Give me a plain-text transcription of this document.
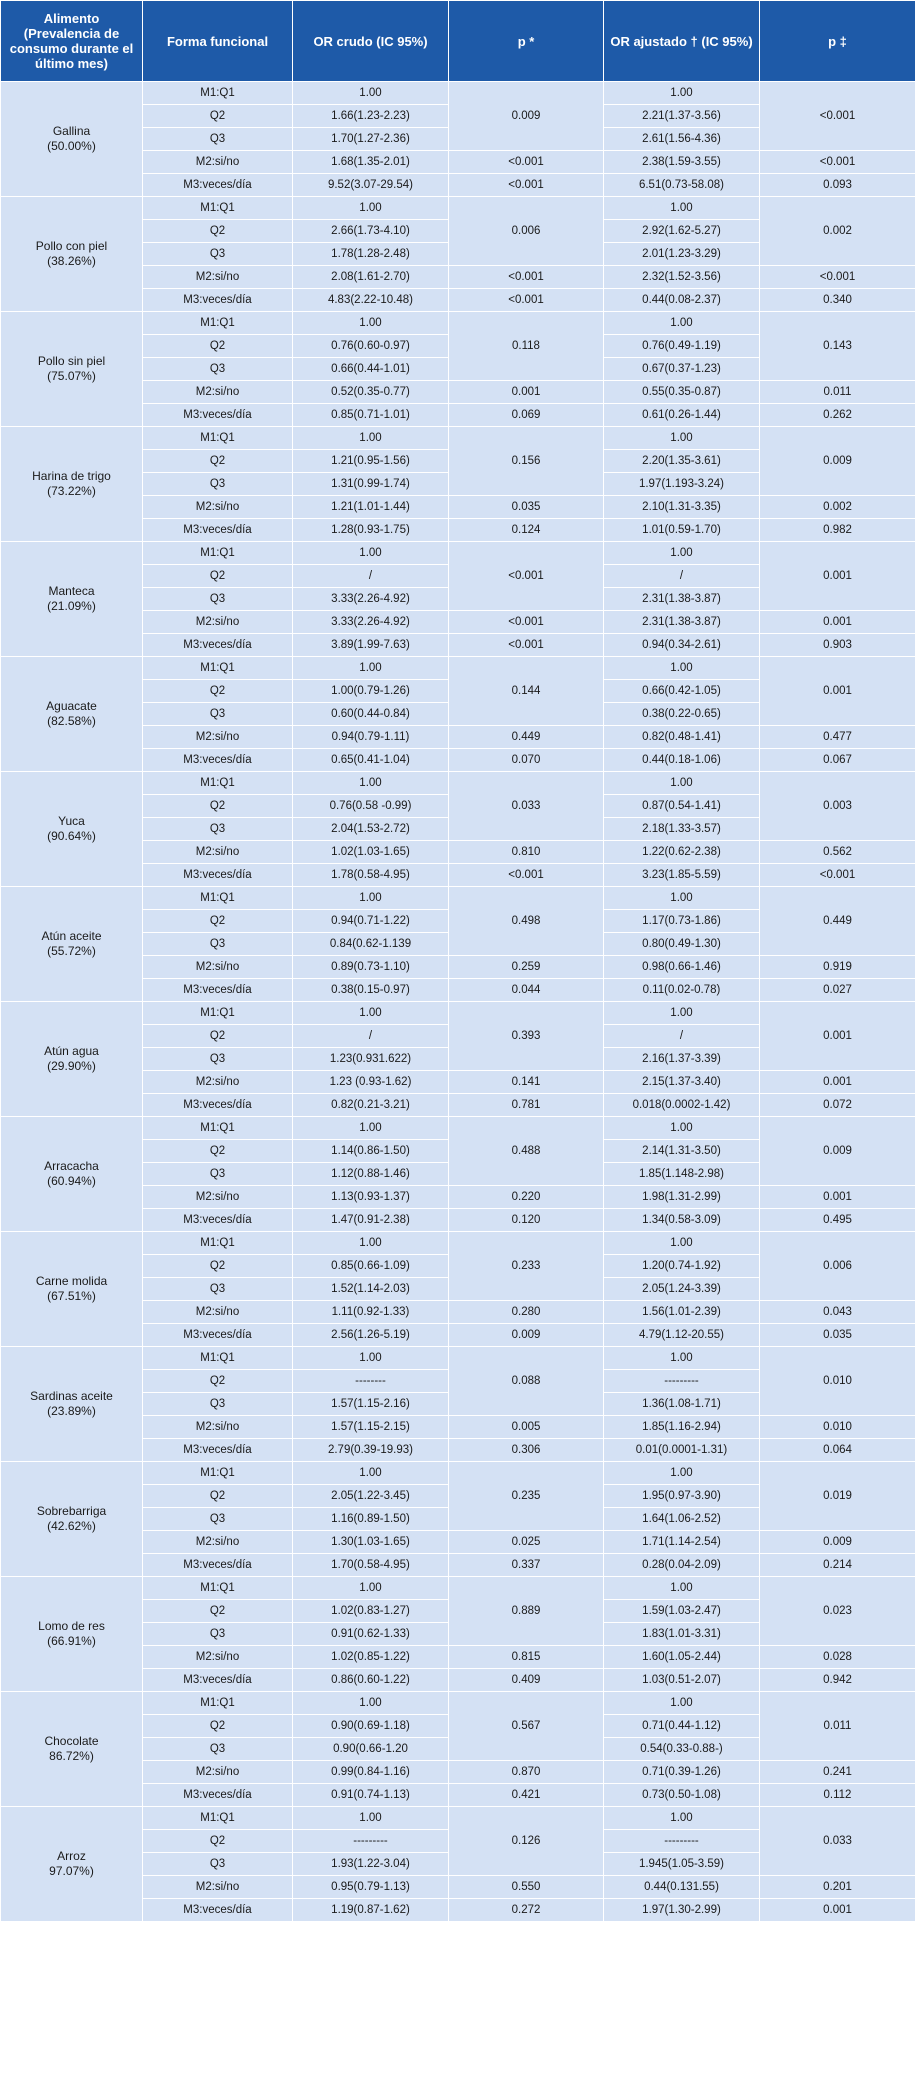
Alimento (Prevalencia de consumo durante el último mes)	Forma funcional	OR crudo (IC 95%)	p *	OR ajustado † (IC 95%)	p ‡

Gallina
(50.00%)	M1:Q1	1.00	0.009	1.00	<0.001
	Q2	1.66(1.23-2.23)		2.21(1.37-3.56)	
	Q3	1.70(1.27-2.36)		2.61(1.56-4.36)	
	M2:si/no	1.68(1.35-2.01)	<0.001	2.38(1.59-3.55)	<0.001
	M3:veces/día	9.52(3.07-29.54)	<0.001	6.51(0.73-58.08)	0.093

Pollo con piel
(38.26%)	M1:Q1	1.00	0.006	1.00	0.002
	Q2	2.66(1.73-4.10)		2.92(1.62-5.27)	
	Q3	1.78(1.28-2.48)		2.01(1.23-3.29)	
	M2:si/no	2.08(1.61-2.70)	<0.001	2.32(1.52-3.56)	<0.001
	M3:veces/día	4.83(2.22-10.48)	<0.001	0.44(0.08-2.37)	0.340

Pollo sin piel
(75.07%)	M1:Q1	1.00	0.118	1.00	0.143
	Q2	0.76(0.60-0.97)		0.76(0.49-1.19)	
	Q3	0.66(0.44-1.01)		0.67(0.37-1.23)	
	M2:si/no	0.52(0.35-0.77)	0.001	0.55(0.35-0.87)	0.011
	M3:veces/día	0.85(0.71-1.01)	0.069	0.61(0.26-1.44)	0.262

Harina de trigo
(73.22%)	M1:Q1	1.00	0.156	1.00	0.009
	Q2	1.21(0.95-1.56)		2.20(1.35-3.61)	
	Q3	1.31(0.99-1.74)		1.97(1.193-3.24)	
	M2:si/no	1.21(1.01-1.44)	0.035	2.10(1.31-3.35)	0.002
	M3:veces/día	1.28(0.93-1.75)	0.124	1.01(0.59-1.70)	0.982

Manteca
(21.09%)	M1:Q1	1.00	<0.001	1.00	0.001
	Q2	/		/	
	Q3	3.33(2.26-4.92)		2.31(1.38-3.87)	
	M2:si/no	3.33(2.26-4.92)	<0.001	2.31(1.38-3.87)	0.001
	M3:veces/día	3.89(1.99-7.63)	<0.001	0.94(0.34-2.61)	0.903

Aguacate
(82.58%)	M1:Q1	1.00	0.144	1.00	0.001
	Q2	1.00(0.79-1.26)		0.66(0.42-1.05)	
	Q3	0.60(0.44-0.84)		0.38(0.22-0.65)	
	M2:si/no	0.94(0.79-1.11)	0.449	0.82(0.48-1.41)	0.477
	M3:veces/día	0.65(0.41-1.04)	0.070	0.44(0.18-1.06)	0.067

Yuca
(90.64%)	M1:Q1	1.00	0.033	1.00	0.003
	Q2	0.76(0.58 -0.99)		0.87(0.54-1.41)	
	Q3	2.04(1.53-2.72)		2.18(1.33-3.57)	
	M2:si/no	1.02(1.03-1.65)	0.810	1.22(0.62-2.38)	0.562
	M3:veces/día	1.78(0.58-4.95)	<0.001	3.23(1.85-5.59)	<0.001

Atún aceite
(55.72%)	M1:Q1	1.00	0.498	1.00	0.449
	Q2	0.94(0.71-1.22)		1.17(0.73-1.86)	
	Q3	0.84(0.62-1.139		0.80(0.49-1.30)	
	M2:si/no	0.89(0.73-1.10)	0.259	0.98(0.66-1.46)	0.919
	M3:veces/día	0.38(0.15-0.97)	0.044	0.11(0.02-0.78)	0.027

Atún agua
(29.90%)	M1:Q1	1.00	0.393	1.00	0.001
	Q2	/		/	
	Q3	1.23(0.931.622)		2.16(1.37-3.39)	
	M2:si/no	1.23 (0.93-1.62)	0.141	2.15(1.37-3.40)	0.001
	M3:veces/día	0.82(0.21-3.21)	0.781	0.018(0.0002-1.42)	0.072

Arracacha
(60.94%)	M1:Q1	1.00	0.488	1.00	0.009
	Q2	1.14(0.86-1.50)		2.14(1.31-3.50)	
	Q3	1.12(0.88-1.46)		1.85(1.148-2.98)	
	M2:si/no	1.13(0.93-1.37)	0.220	1.98(1.31-2.99)	0.001
	M3:veces/día	1.47(0.91-2.38)	0.120	1.34(0.58-3.09)	0.495

Carne molida
(67.51%)	M1:Q1	1.00	0.233	1.00	0.006
	Q2	0.85(0.66-1.09)		1.20(0.74-1.92)	
	Q3	1.52(1.14-2.03)		2.05(1.24-3.39)	
	M2:si/no	1.11(0.92-1.33)	0.280	1.56(1.01-2.39)	0.043
	M3:veces/día	2.56(1.26-5.19)	0.009	4.79(1.12-20.55)	0.035

Sardinas aceite
(23.89%)	M1:Q1	1.00	0.088	1.00	0.010
	Q2	--------		---------	
	Q3	1.57(1.15-2.16)		1.36(1.08-1.71)	
	M2:si/no	1.57(1.15-2.15)	0.005	1.85(1.16-2.94)	0.010
	M3:veces/día	2.79(0.39-19.93)	0.306	0.01(0.0001-1.31)	0.064

Sobrebarriga
(42.62%)	M1:Q1	1.00	0.235	1.00	0.019
	Q2	2.05(1.22-3.45)		1.95(0.97-3.90)	
	Q3	1.16(0.89-1.50)		1.64(1.06-2.52)	
	M2:si/no	1.30(1.03-1.65)	0.025	1.71(1.14-2.54)	0.009
	M3:veces/día	1.70(0.58-4.95)	0.337	0.28(0.04-2.09)	0.214

Lomo de res
(66.91%)	M1:Q1	1.00	0.889	1.00	0.023
	Q2	1.02(0.83-1.27)		1.59(1.03-2.47)	
	Q3	0.91(0.62-1.33)		1.83(1.01-3.31)	
	M2:si/no	1.02(0.85-1.22)	0.815	1.60(1.05-2.44)	0.028
	M3:veces/día	0.86(0.60-1.22)	0.409	1.03(0.51-2.07)	0.942

Chocolate
86.72%)	M1:Q1	1.00	0.567	1.00	0.011
	Q2	0.90(0.69-1.18)		0.71(0.44-1.12)	
	Q3	0.90(0.66-1.20		0.54(0.33-0.88-)	
	M2:si/no	0.99(0.84-1.16)	0.870	0.71(0.39-1.26)	0.241
	M3:veces/día	0.91(0.74-1.13)	0.421	0.73(0.50-1.08)	0.112

Arroz
97.07%)	M1:Q1	1.00	0.126	1.00	0.033
	Q2	---------		---------	
	Q3	1.93(1.22-3.04)		1.945(1.05-3.59)	
	M2:si/no	0.95(0.79-1.13)	0.550	0.44(0.131.55)	0.201
	M3:veces/día	1.19(0.87-1.62)	0.272	1.97(1.30-2.99)	0.001
